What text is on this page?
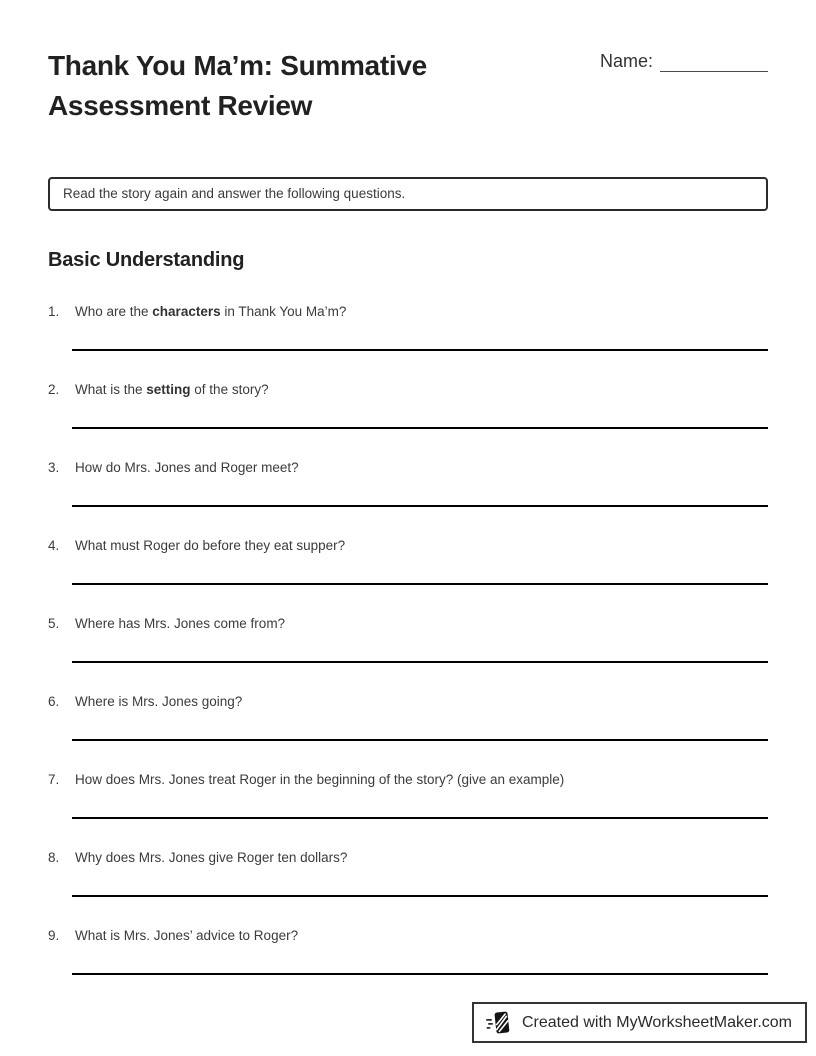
Thank You Ma’m: Summative Assessment Review
Name:
Read the story again and answer the following questions.
Basic Understanding
1.	Who are the characters in Thank You Ma’m?
2.	What is the setting of the story?
3.	How do Mrs. Jones and Roger meet?
4.	What must Roger do before they eat supper?
5.	Where has Mrs. Jones come from?
6.	Where is Mrs. Jones going?
7.	How does Mrs. Jones treat Roger in the beginning of the story? (give an example)
8.	Why does Mrs. Jones give Roger ten dollars?
9.	What is Mrs. Jones’ advice to Roger?
Created with MyWorksheetMaker.com
